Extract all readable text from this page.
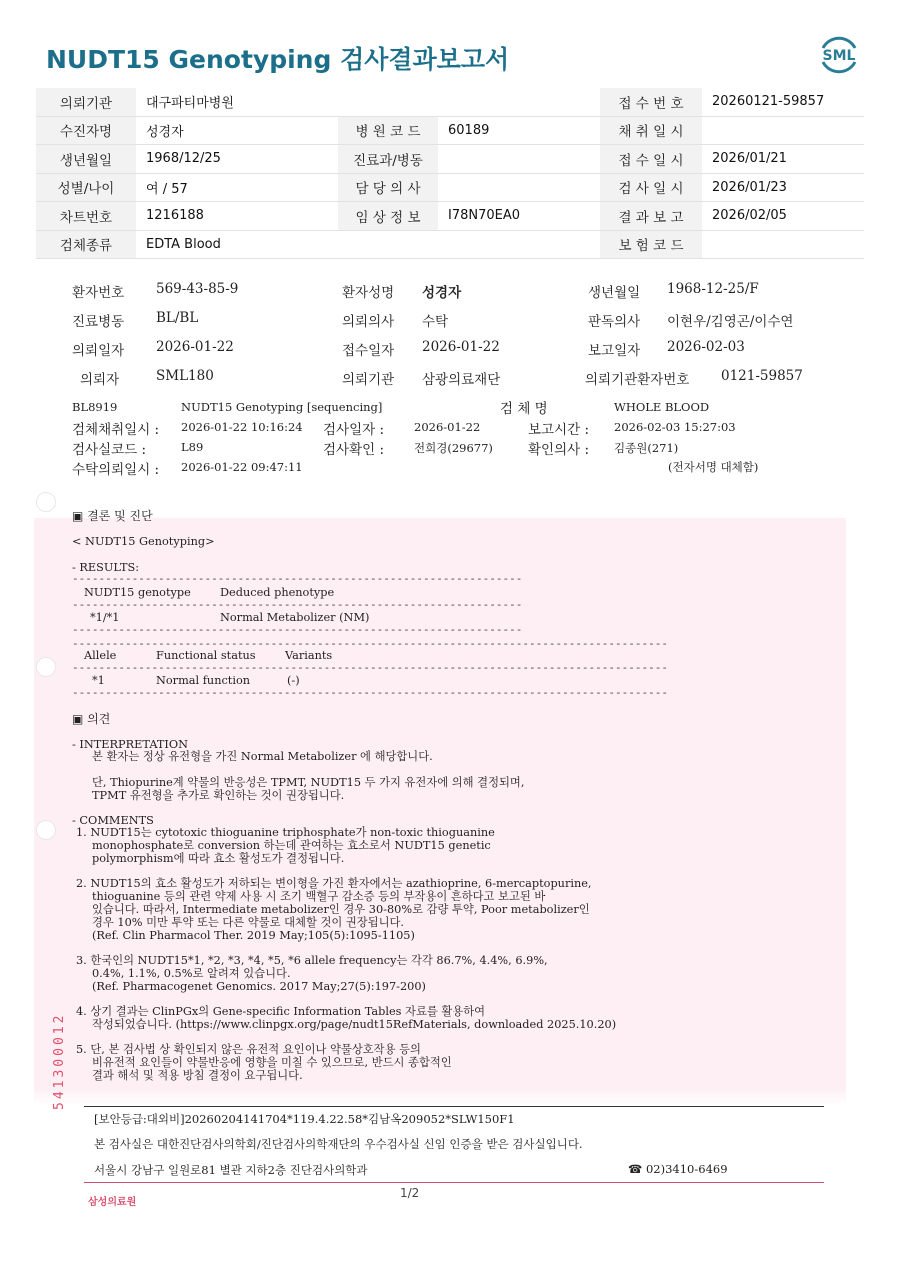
NUDT15 Genotyping 검사결과보고서	SML
의뢰기관	대구파티마병원			접 수 번 호	20260121-59857
수진자명	성경자	병 원 코 드	60189	채 취 일 시	
생년월일	1968/12/25	진료과/병동		접 수 일 시	2026/01/21
성별/나이	여 / 57	담 당 의 사		검 사 일 시	2026/01/23
차트번호	1216188	임 상 정 보	I78N70EA0	결 과 보 고	2026/02/05
검체종류	EDTA Blood			보 험 코 드	
환자번호 569-43-85-9	환자성명 성경자	생년월일 1968-12-25/F
진료병동 BL/BL	의뢰의사 수탁	판독의사 이현우/김영곤/이수연
의뢰일자 2026-01-22	접수일자 2026-01-22	보고일자 2026-02-03
의뢰자	SML180	의뢰기관 삼광의료재단	의뢰기관환자번호 0121-59857
BL8919	NUDT15 Genotyping [sequencing]	검 체 명	WHOLE BLOOD
검체채취일시 : 2026-01-22 10:16:24 검사일자 :	2026-01-22	보고시간 : 2026-02-03 15:27:03
검사실코드 :	L89	검사확인 :	전희경(29677)	확인의사 : 김종원(271)
수탁의뢰일시 : 2026-01-22 09:47:11	(전자서명 대체함)
▣ 결론 및 진단
< NUDT15 Genotyping>
- RESULTS:
--------------------------------------------------------------------
NUDT15 genotype	Deduced phenotype
--------------------------------------------------------------------
*1/*1	Normal Metabolizer (NM)
--------------------------------------------------------------------
------------------------------------------------------------------------------------------
Allele	Functional status	Variants
------------------------------------------------------------------------------------------
*1	Normal function	(-)
------------------------------------------------------------------------------------------
▣ 의견
- INTERPRETATION
본 환자는 정상 유전형을 가진 Normal Metabolizer 에 해당합니다.
단, Thiopurine계 약물의 반응성은 TPMT, NUDT15 두 가지 유전자에 의해 결정되며,
TPMT 유전형을 추가로 확인하는 것이 권장됩니다.
- COMMENTS
1. NUDT15는 cytotoxic thioguanine triphosphate가 non-toxic thioguanine
monophosphate로 conversion 하는데 관여하는 효소로서 NUDT15 genetic
polymorphism에 따라 효소 활성도가 결정됩니다.
2. NUDT15의 효소 활성도가 저하되는 변이형을 가진 환자에서는 azathioprine, 6-mercaptopurine,
thioguanine 등의 관련 약제 사용 시 조기 백혈구 감소증 등의 부작용이 흔하다고 보고된 바
있습니다. 따라서, Intermediate metabolizer인 경우 30-80%로 감량 투약, Poor metabolizer인
경우 10% 미만 투약 또는 다른 약물로 대체할 것이 권장됩니다.
(Ref. Clin Pharmacol Ther. 2019 May;105(5):1095-1105)
3. 한국인의 NUDT15*1, *2, *3, *4, *5, *6 allele frequency는 각각 86.7%, 4.4%, 6.9%,
0.4%, 1.1%, 0.5%로 알려져 있습니다.
(Ref. Pharmacogenet Genomics. 2017 May;27(5):197-200)
4. 상기 결과는 ClinPGx의 Gene-specific Information Tables 자료를 활용하여
작성되었습니다. (https://www.clinpgx.org/page/nudt15RefMaterials, downloaded 2025.10.20)
5. 단, 본 검사법 상 확인되지 않은 유전적 요인이나 약물상호작용 등의
비유전적 요인들이 약물반응에 영향을 미칠 수 있으므로, 반드시 종합적인
결과 해석 및 적용 방침 결정이 요구됩니다.
541300012
[보안등급:대외비]20260204141704*119.4.22.58*김남옥209052*SLW150F1
본 검사실은 대한진단검사의학회/진단검사의학재단의 우수검사실 신임 인증을 받은 검사실입니다.
서울시 강남구 일원로81 별관 지하2층 진단검사의학과	☎ 02)3410-6469
삼성의료원
1/2
